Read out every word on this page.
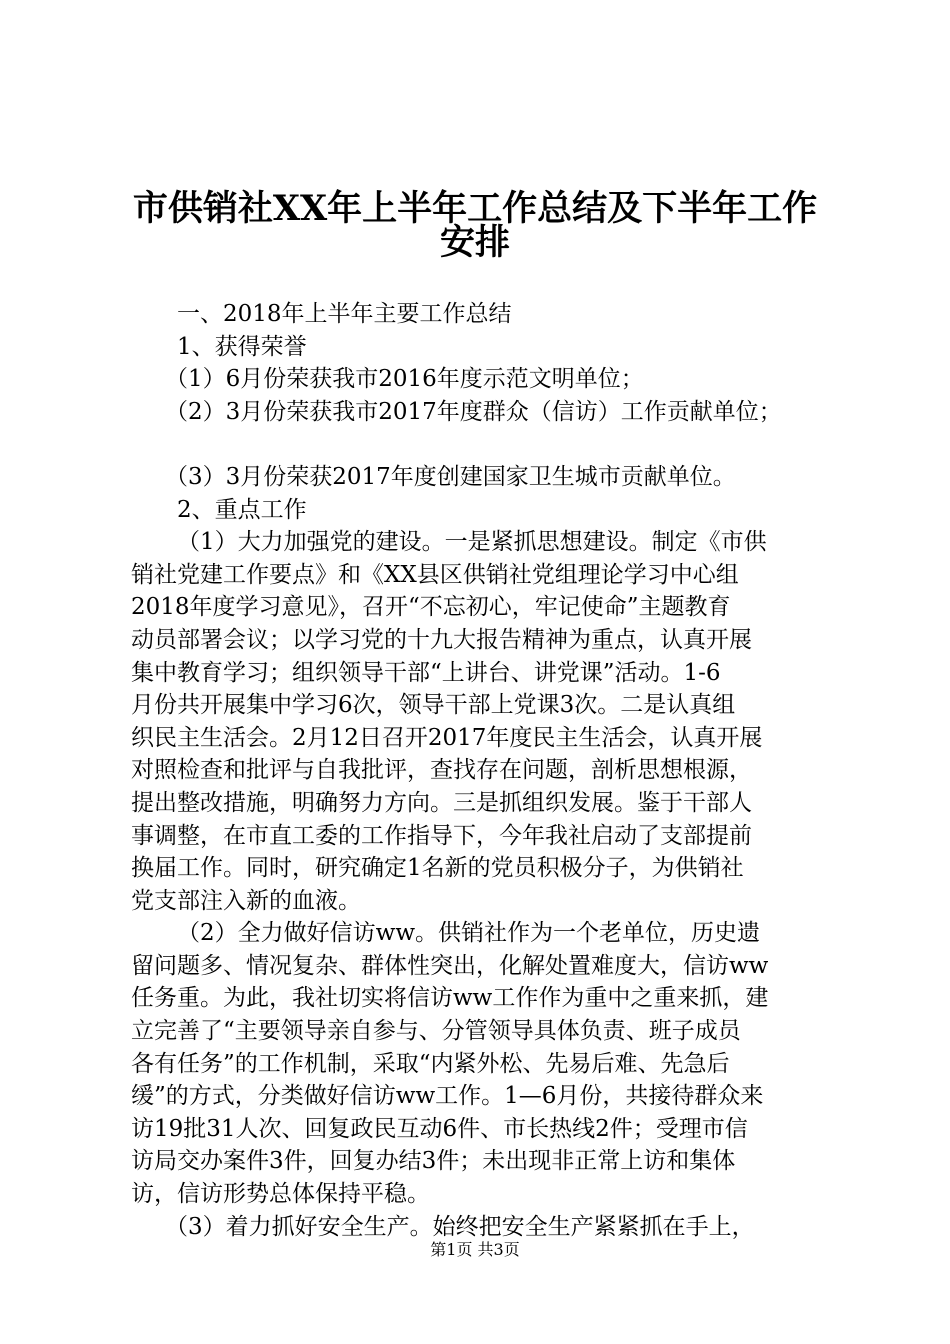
市供销社XX年上半年工作总结及下半年工作
安排
一、2018年上半年主要工作总结
1、获得荣誉
（1）6月份荣获我市2016年度示范文明单位；
（2）3月份荣获我市2017年度群众（信访）工作贡献单位；
（3）3月份荣获2017年度创建国家卫生城市贡献单位。
2、重点工作
（1）大力加强党的建设。一是紧抓思想建设。制定《市供
销社党建工作要点》和《XX县区供销社党组理论学习中心组
2018年度学习意见》，召开“不忘初心，牢记使命”主题教育
动员部署会议；以学习党的十九大报告精神为重点，认真开展
集中教育学习；组织领导干部“上讲台、讲党课”活动。1-6
月份共开展集中学习6次，领导干部上党课3次。二是认真组
织民主生活会。2月12日召开2017年度民主生活会，认真开展
对照检查和批评与自我批评，查找存在问题，剖析思想根源，
提出整改措施，明确努力方向。三是抓组织发展。鉴于干部人
事调整，在市直工委的工作指导下，今年我社启动了支部提前
换届工作。同时，研究确定1名新的党员积极分子，为供销社
党支部注入新的血液。
（2）全力做好信访ww。供销社作为一个老单位，历史遗
留问题多、情况复杂、群体性突出，化解处置难度大，信访ww
任务重。为此，我社切实将信访ww工作作为重中之重来抓，建
立完善了“主要领导亲自参与、分管领导具体负责、班子成员
各有任务”的工作机制，采取“内紧外松、先易后难、先急后
缓”的方式，分类做好信访ww工作。1—6月份，共接待群众来
访19批31人次、回复政民互动6件、市长热线2件；受理市信
访局交办案件3件，回复办结3件；未出现非正常上访和集体
访，信访形势总体保持平稳。
（3）着力抓好安全生产。始终把安全生产紧紧抓在手上，
第1页 共3页
